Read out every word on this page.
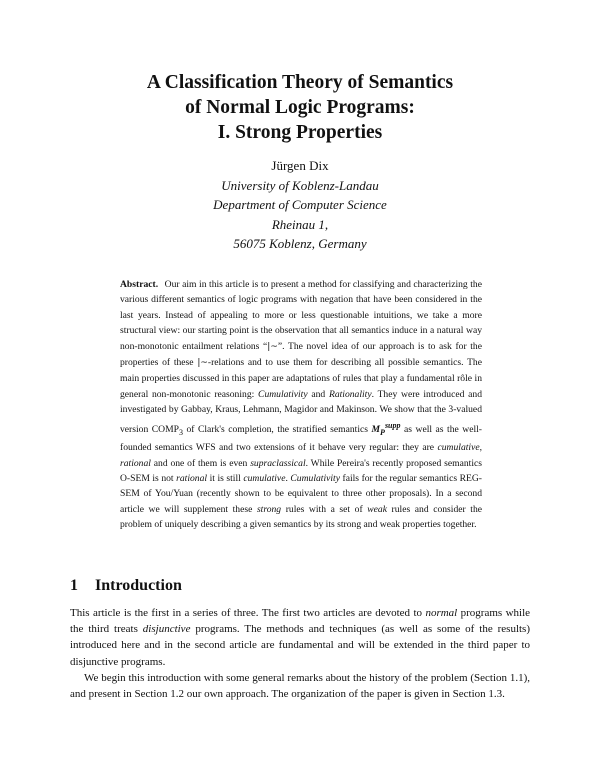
A Classification Theory of Semantics
of Normal Logic Programs:
I. Strong Properties
Jürgen Dix
University of Koblenz-Landau
Department of Computer Science
Rheinau 1,
56075 Koblenz, Germany
Abstract. Our aim in this article is to present a method for classifying and characterizing the various different semantics of logic programs with negation that have been considered in the last years. Instead of appealing to more or less questionable intuitions, we take a more structural view: our starting point is the observation that all semantics induce in a natural way non-monotonic entailment relations “|~”. The novel idea of our approach is to ask for the properties of these |~-relations and to use them for describing all possible semantics. The main properties discussed in this paper are adaptations of rules that play a fundamental rôle in general non-monotonic reasoning: Cumulativity and Rationality. They were introduced and investigated by Gabbay, Kraus, Lehmann, Magidor and Makinson. We show that the 3-valued version $COMP_3$ of Clark's completion, the stratified semantics $M_P^{supp}$ as well as the well-founded semantics WFS and two extensions of it behave very regular: they are cumulative, rational and one of them is even supraclassical. While Pereira's recently proposed semantics O-SEM is not rational it is still cumulative. Cumulativity fails for the regular semantics REG-SEM of You/Yuan (recently shown to be equivalent to three other proposals). In a second article we will supplement these strong rules with a set of weak rules and consider the problem of uniquely describing a given semantics by its strong and weak properties together.
1 Introduction

This article is the first in a series of three. The first two articles are devoted to normal programs while the third treats disjunctive programs. The methods and techniques (as well as some of the results) introduced here and in the second article are fundamental and will be extended in the third paper to disjunctive programs.

We begin this introduction with some general remarks about the history of the problem (Section 1.1), and present in Section 1.2 our own approach. The organization of the paper is given in Section 1.3.
